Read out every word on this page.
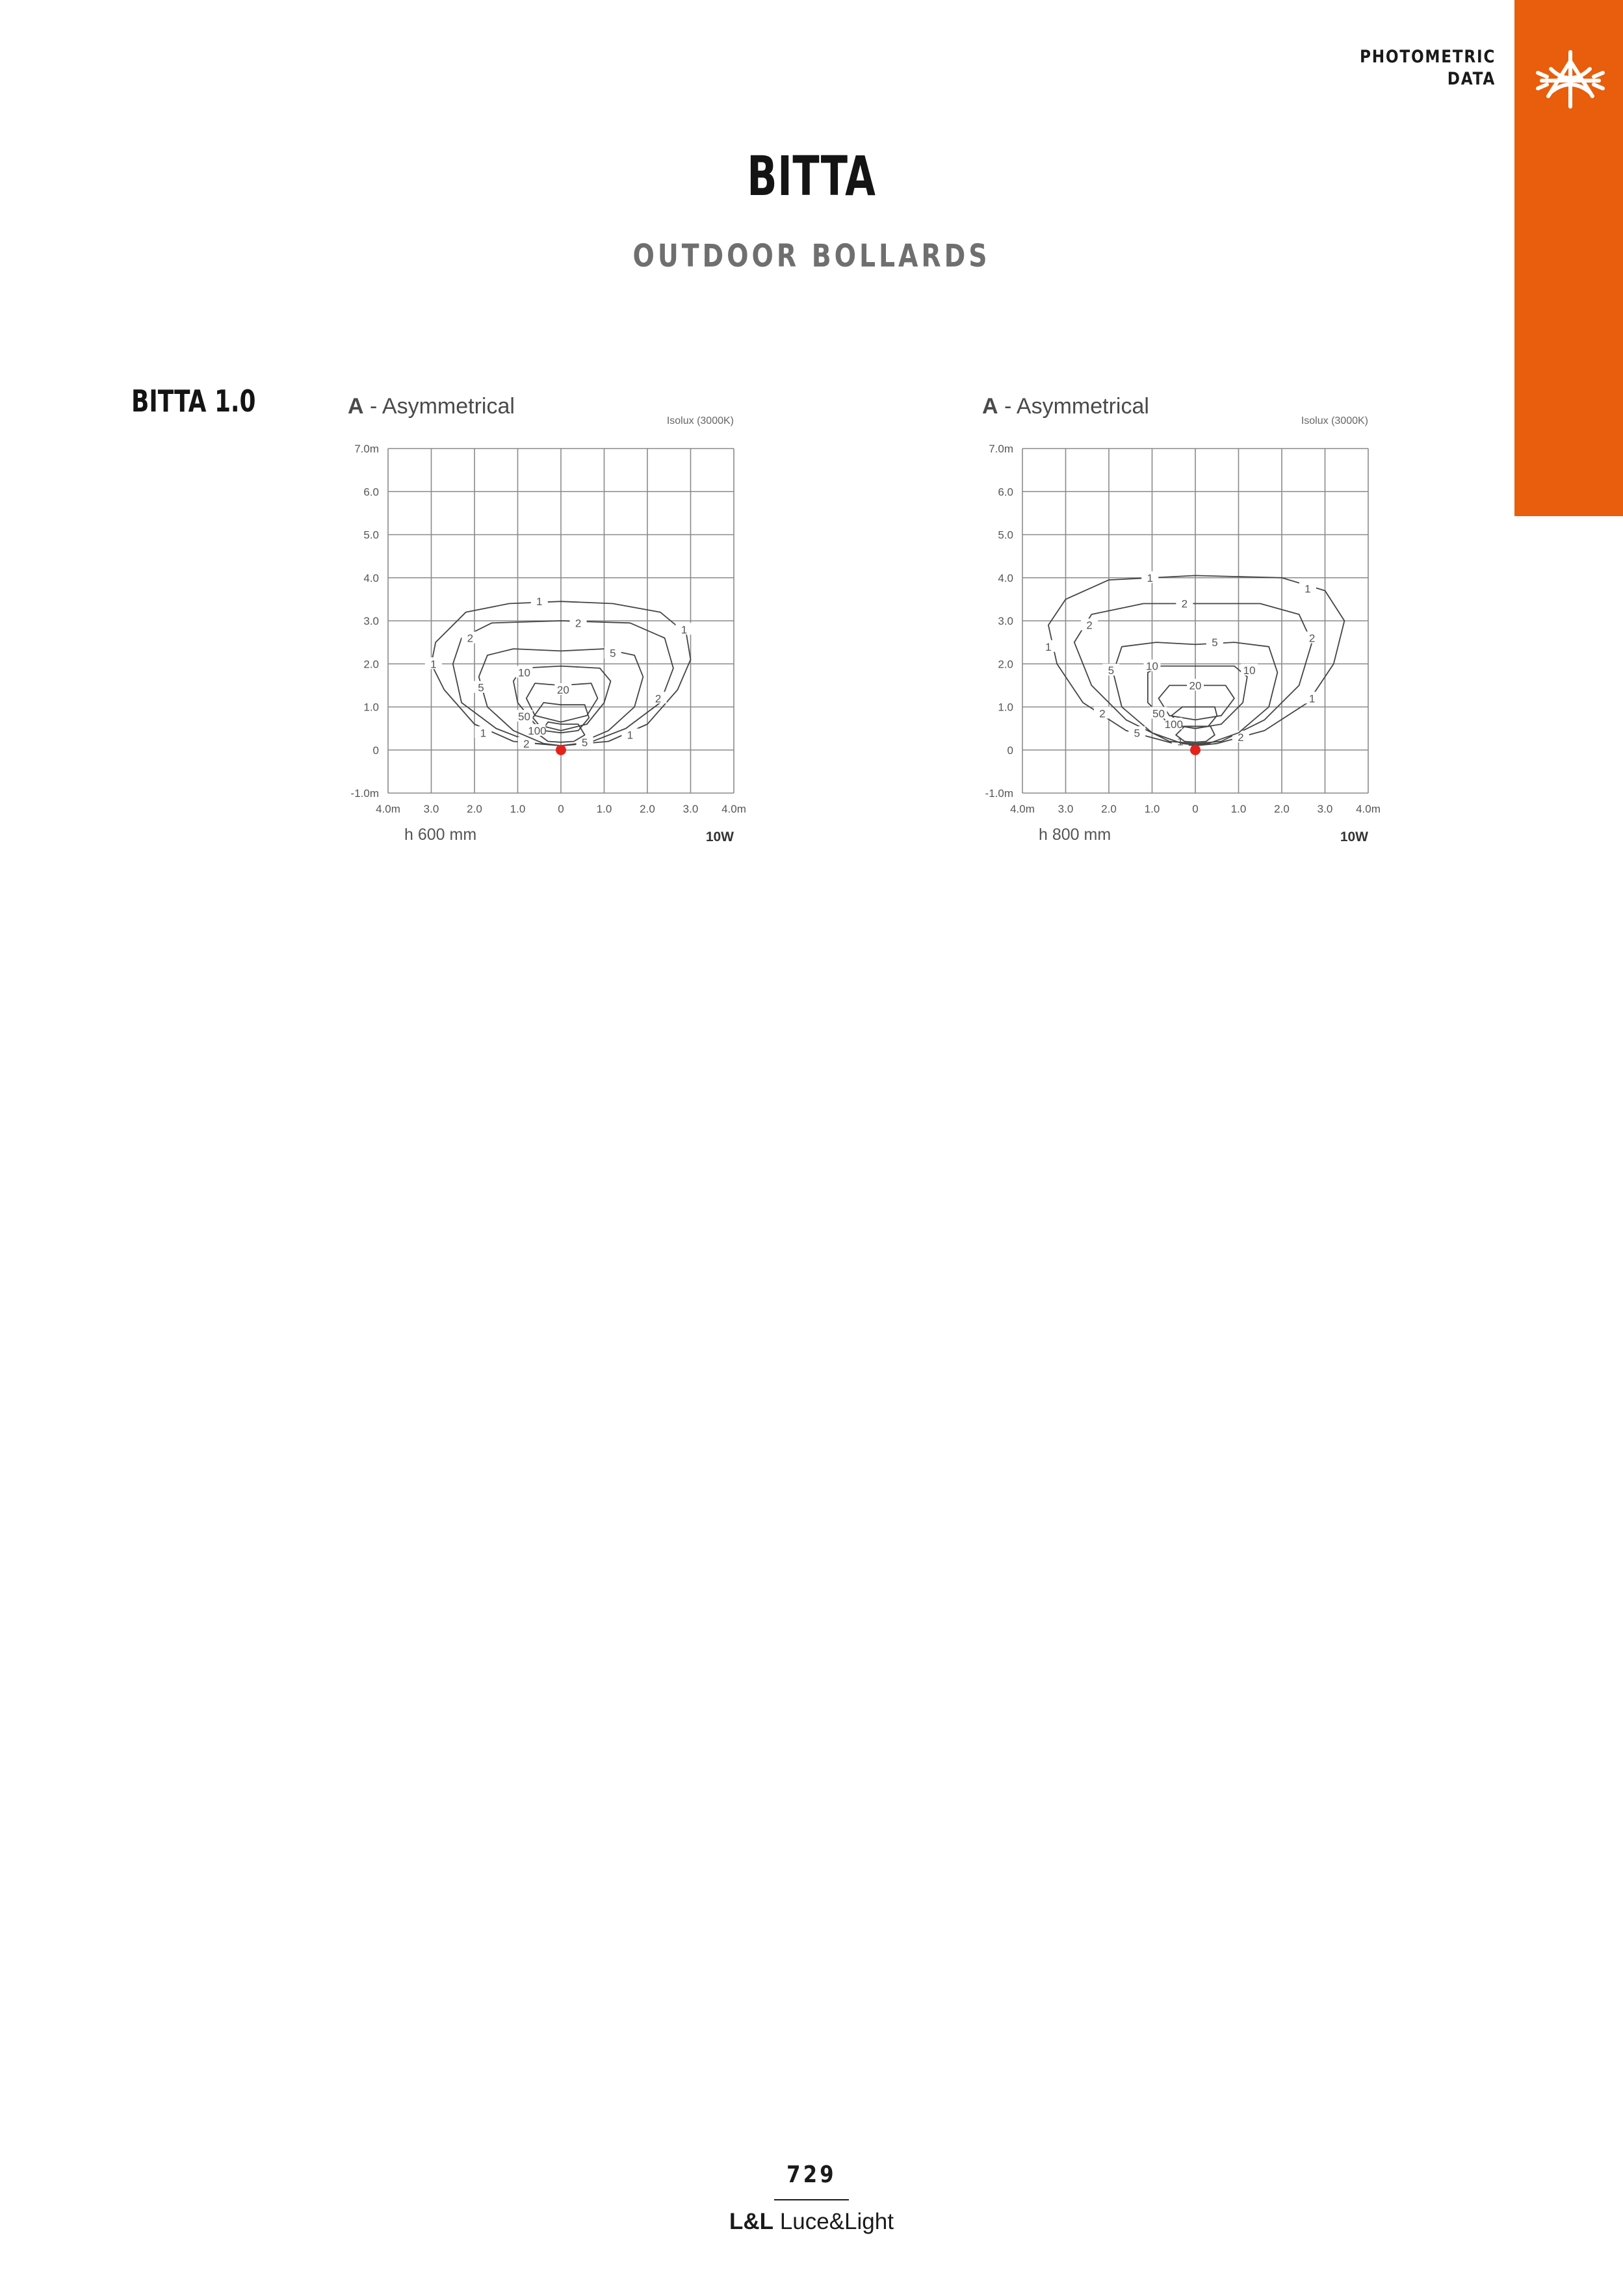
PHOTOMETRIC
DATA
BITTA
OUTDOOR BOLLARDS
BITTA 1.0
1
1
1
1	1
2
2
2
2
5
5
5
10
20
50
100
7.0m
6.0
5.0
4.0
3.0
2.0
1.0
0
-1.0m
4.0m 3.0	2.0	1.0	0	1.0	2.0	3.0 4.0m
A - Asymmetrical
Isolux (3000K)
h 600 mm	10W
1
1
1
1
1
2
2
2
2
2
5
5
5
10	10
20
50
100
7.0m
6.0
5.0
4.0
3.0
2.0
1.0
0
-1.0m
4.0m 3.0	2.0	1.0	0	1.0	2.0	3.0 4.0m
A - Asymmetrical
Isolux (3000K)
h 800 mm	10W
729
L&L Luce&Light
